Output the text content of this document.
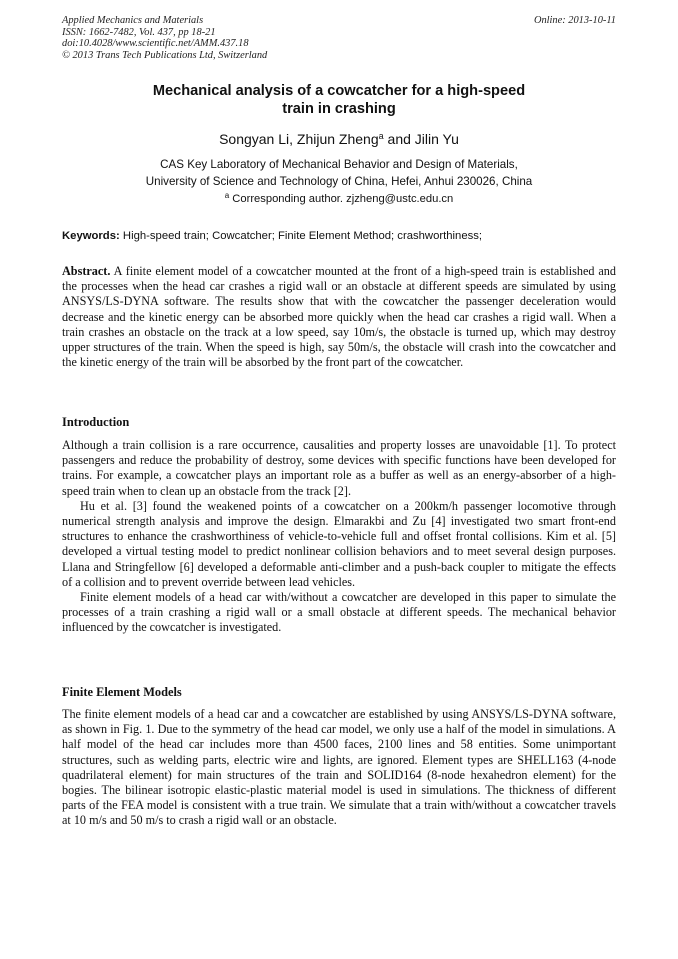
Applied Mechanics and Materials
ISSN: 1662-7482, Vol. 437, pp 18-21
doi:10.4028/www.scientific.net/AMM.437.18
© 2013 Trans Tech Publications Ltd, Switzerland
Online: 2013-10-11
Mechanical analysis of a cowcatcher for a high-speed
train in crashing
Songyan Li, Zhijun Zheng$^a$ and Jilin Yu
CAS Key Laboratory of Mechanical Behavior and Design of Materials,
University of Science and Technology of China, Hefei, Anhui 230026, China
$^a$ Corresponding author. zjzheng@ustc.edu.cn
Keywords: High-speed train; Cowcatcher; Finite Element Method; crashworthiness;

Abstract. A finite element model of a cowcatcher mounted at the front of a high-speed train is established and the processes when the head car crashes a rigid wall or an obstacle at different speeds are simulated by using ANSYS/LS-DYNA software. The results show that with the cowcatcher the passenger deceleration would decrease and the kinetic energy can be absorbed more quickly when the head car crashes a rigid wall. When a train crashes an obstacle on the track at a low speed, say 10m/s, the obstacle is turned up, which may destroy upper structures of the train. When the speed is high, say 50m/s, the obstacle will crash into the cowcatcher and the kinetic energy of the train will be absorbed by the front part of the cowcatcher.

Introduction

Although a train collision is a rare occurrence, causalities and property losses are unavoidable [1]. To protect passengers and reduce the probability of destroy, some devices with specific functions have been developed for trains. For example, a cowcatcher plays an important role as a buffer as well as an energy-absorber of a high-speed train when to clean up an obstacle from the track [2].

Hu et al. [3] found the weakened points of a cowcatcher on a 200km/h passenger locomotive through numerical strength analysis and improve the design. Elmarakbi and Zu [4] investigated two smart front-end structures to enhance the crashworthiness of vehicle-to-vehicle full and offset frontal collisions. Kim et al. [5] developed a virtual testing model to predict nonlinear collision behaviors and to meet several design purposes. Llana and Stringfellow [6] developed a deformable anti-climber and a push-back coupler to mitigate the effects of a collision and to prevent override between lead vehicles.

Finite element models of a head car with/without a cowcatcher are developed in this paper to simulate the processes of a train crashing a rigid wall or a small obstacle at different speeds. The mechanical behavior influenced by the cowcatcher is investigated.

Finite Element Models

The finite element models of a head car and a cowcatcher are established by using ANSYS/LS-DYNA software, as shown in Fig. 1. Due to the symmetry of the head car model, we only use a half of the model in simulations. A half model of the head car includes more than 4500 faces, 2100 lines and 58 entities. Some unimportant structures, such as welding parts, electric wire and lights, are ignored. Element types are SHELL163 (4-node quadrilateral element) for main structures of the train and SOLID164 (8-node hexahedron element) for the bogies. The bilinear isotropic elastic-plastic material model is used in simulations. The thickness of different parts of the FEA model is consistent with a true train. We simulate that a train with/without a cowcatcher travels at 10 m/s and 50 m/s to crash a rigid wall or an obstacle.
